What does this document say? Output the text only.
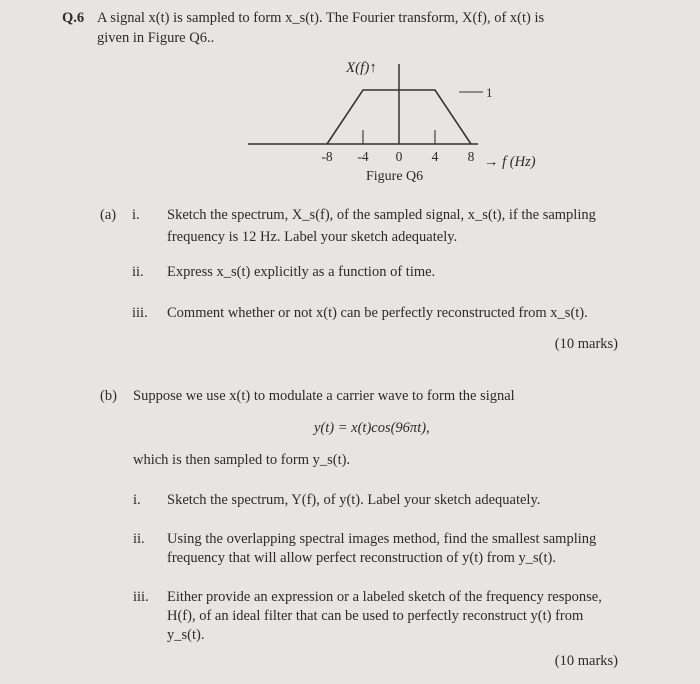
Q.6 A signal x(t) is sampled to form x_s(t). The Fourier transform, X(f), of x(t) is
given in Figure Q6..
X(f)↑
1
-8 -4 0 4 8 → f (Hz)
Figure Q6
(a) i. Sketch the spectrum, X_s(f), of the sampled signal, x_s(t), if the sampling
frequency is 12 Hz. Label your sketch adequately.
ii. Express x_s(t) explicitly as a function of time.
iii. Comment whether or not x(t) can be perfectly reconstructed from x_s(t).
(10 marks)
(b) Suppose we use x(t) to modulate a carrier wave to form the signal
y(t) = x(t)cos(96πt),
which is then sampled to form y_s(t).
i. Sketch the spectrum, Y(f), of y(t). Label your sketch adequately.
ii. Using the overlapping spectral images method, find the smallest sampling
frequency that will allow perfect reconstruction of y(t) from y_s(t).
iii. Either provide an expression or a labeled sketch of the frequency response,
H(f), of an ideal filter that can be used to perfectly reconstruct y(t) from
y_s(t).
(10 marks)
